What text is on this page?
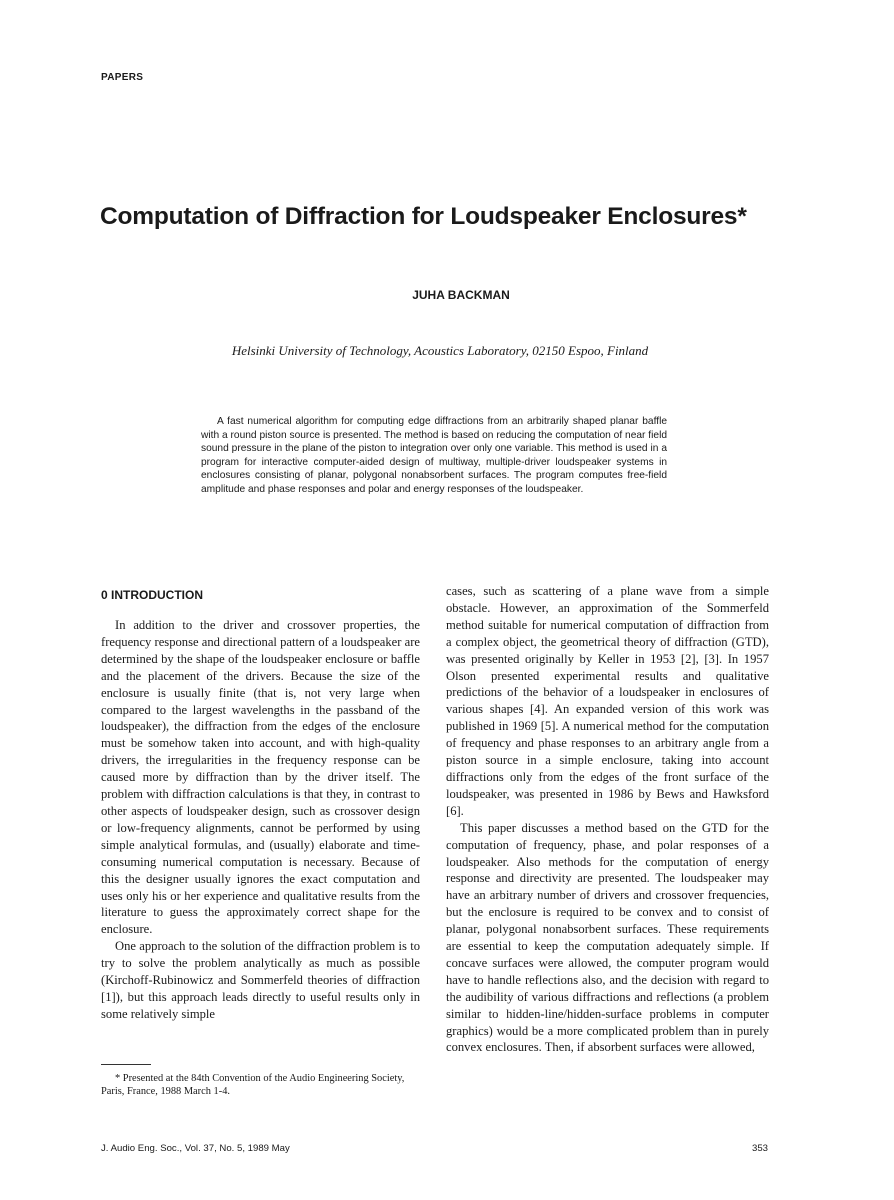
PAPERS
Computation of Diffraction for Loudspeaker Enclosures*
JUHA BACKMAN
Helsinki University of Technology, Acoustics Laboratory, 02150 Espoo, Finland
A fast numerical algorithm for computing edge diffractions from an arbitrarily shaped planar baffle with a round piston source is presented. The method is based on reducing the computation of near field sound pressure in the plane of the piston to integration over only one variable. This method is used in a program for interactive computer-aided design of multiway, multiple-driver loudspeaker systems in enclosures consisting of planar, polygonal nonabsorbent surfaces. The program computes free-field amplitude and phase responses and polar and energy responses of the loudspeaker.
0 INTRODUCTION

In addition to the driver and crossover properties, the frequency response and directional pattern of a loudspeaker are determined by the shape of the loudspeaker enclosure or baffle and the placement of the drivers. Because the size of the enclosure is usually finite (that is, not very large when compared to the largest wavelengths in the passband of the loudspeaker), the diffraction from the edges of the enclosure must be somehow taken into account, and with high-quality drivers, the irregularities in the frequency response can be caused more by diffraction than by the driver itself. The problem with diffraction calculations is that they, in contrast to other aspects of loudspeaker design, such as crossover design or low-frequency alignments, cannot be performed by using simple analytical formulas, and (usually) elaborate and time-consuming numerical computation is necessary. Because of this the designer usually ignores the exact computation and uses only his or her experience and qualitative results from the literature to guess the approximately correct shape for the enclosure.

One approach to the solution of the diffraction problem is to try to solve the problem analytically as much as possible (Kirchoff-Rubinowicz and Sommerfeld theories of diffraction [1]), but this approach leads directly to useful results only in some relatively simple

cases, such as scattering of a plane wave from a simple obstacle. However, an approximation of the Sommerfeld method suitable for numerical computation of diffraction from a complex object, the geometrical theory of diffraction (GTD), was presented originally by Keller in 1953 [2], [3]. In 1957 Olson presented experimental results and qualitative predictions of the behavior of a loudspeaker in enclosures of various shapes [4]. An expanded version of this work was published in 1969 [5]. A numerical method for the computation of frequency and phase responses to an arbitrary angle from a piston source in a simple enclosure, taking into account diffractions only from the edges of the front surface of the loudspeaker, was presented in 1986 by Bews and Hawksford [6].

This paper discusses a method based on the GTD for the computation of frequency, phase, and polar responses of a loudspeaker. Also methods for the computation of energy response and directivity are presented. The loudspeaker may have an arbitrary number of drivers and crossover frequencies, but the enclosure is required to be convex and to consist of planar, polygonal nonabsorbent surfaces. These requirements are essential to keep the computation adequately simple. If concave surfaces were allowed, the computer program would have to handle reflections also, and the decision with regard to the audibility of various diffractions and reflections (a problem similar to hidden-line/hidden-surface problems in computer graphics) would be a more complicated problem than in purely convex enclosures. Then, if absorbent surfaces were allowed,

* Presented at the 84th Convention of the Audio Engineering Society, Paris, France, 1988 March 1-4.
J. Audio Eng. Soc., Vol. 37, No. 5, 1989 May	353
